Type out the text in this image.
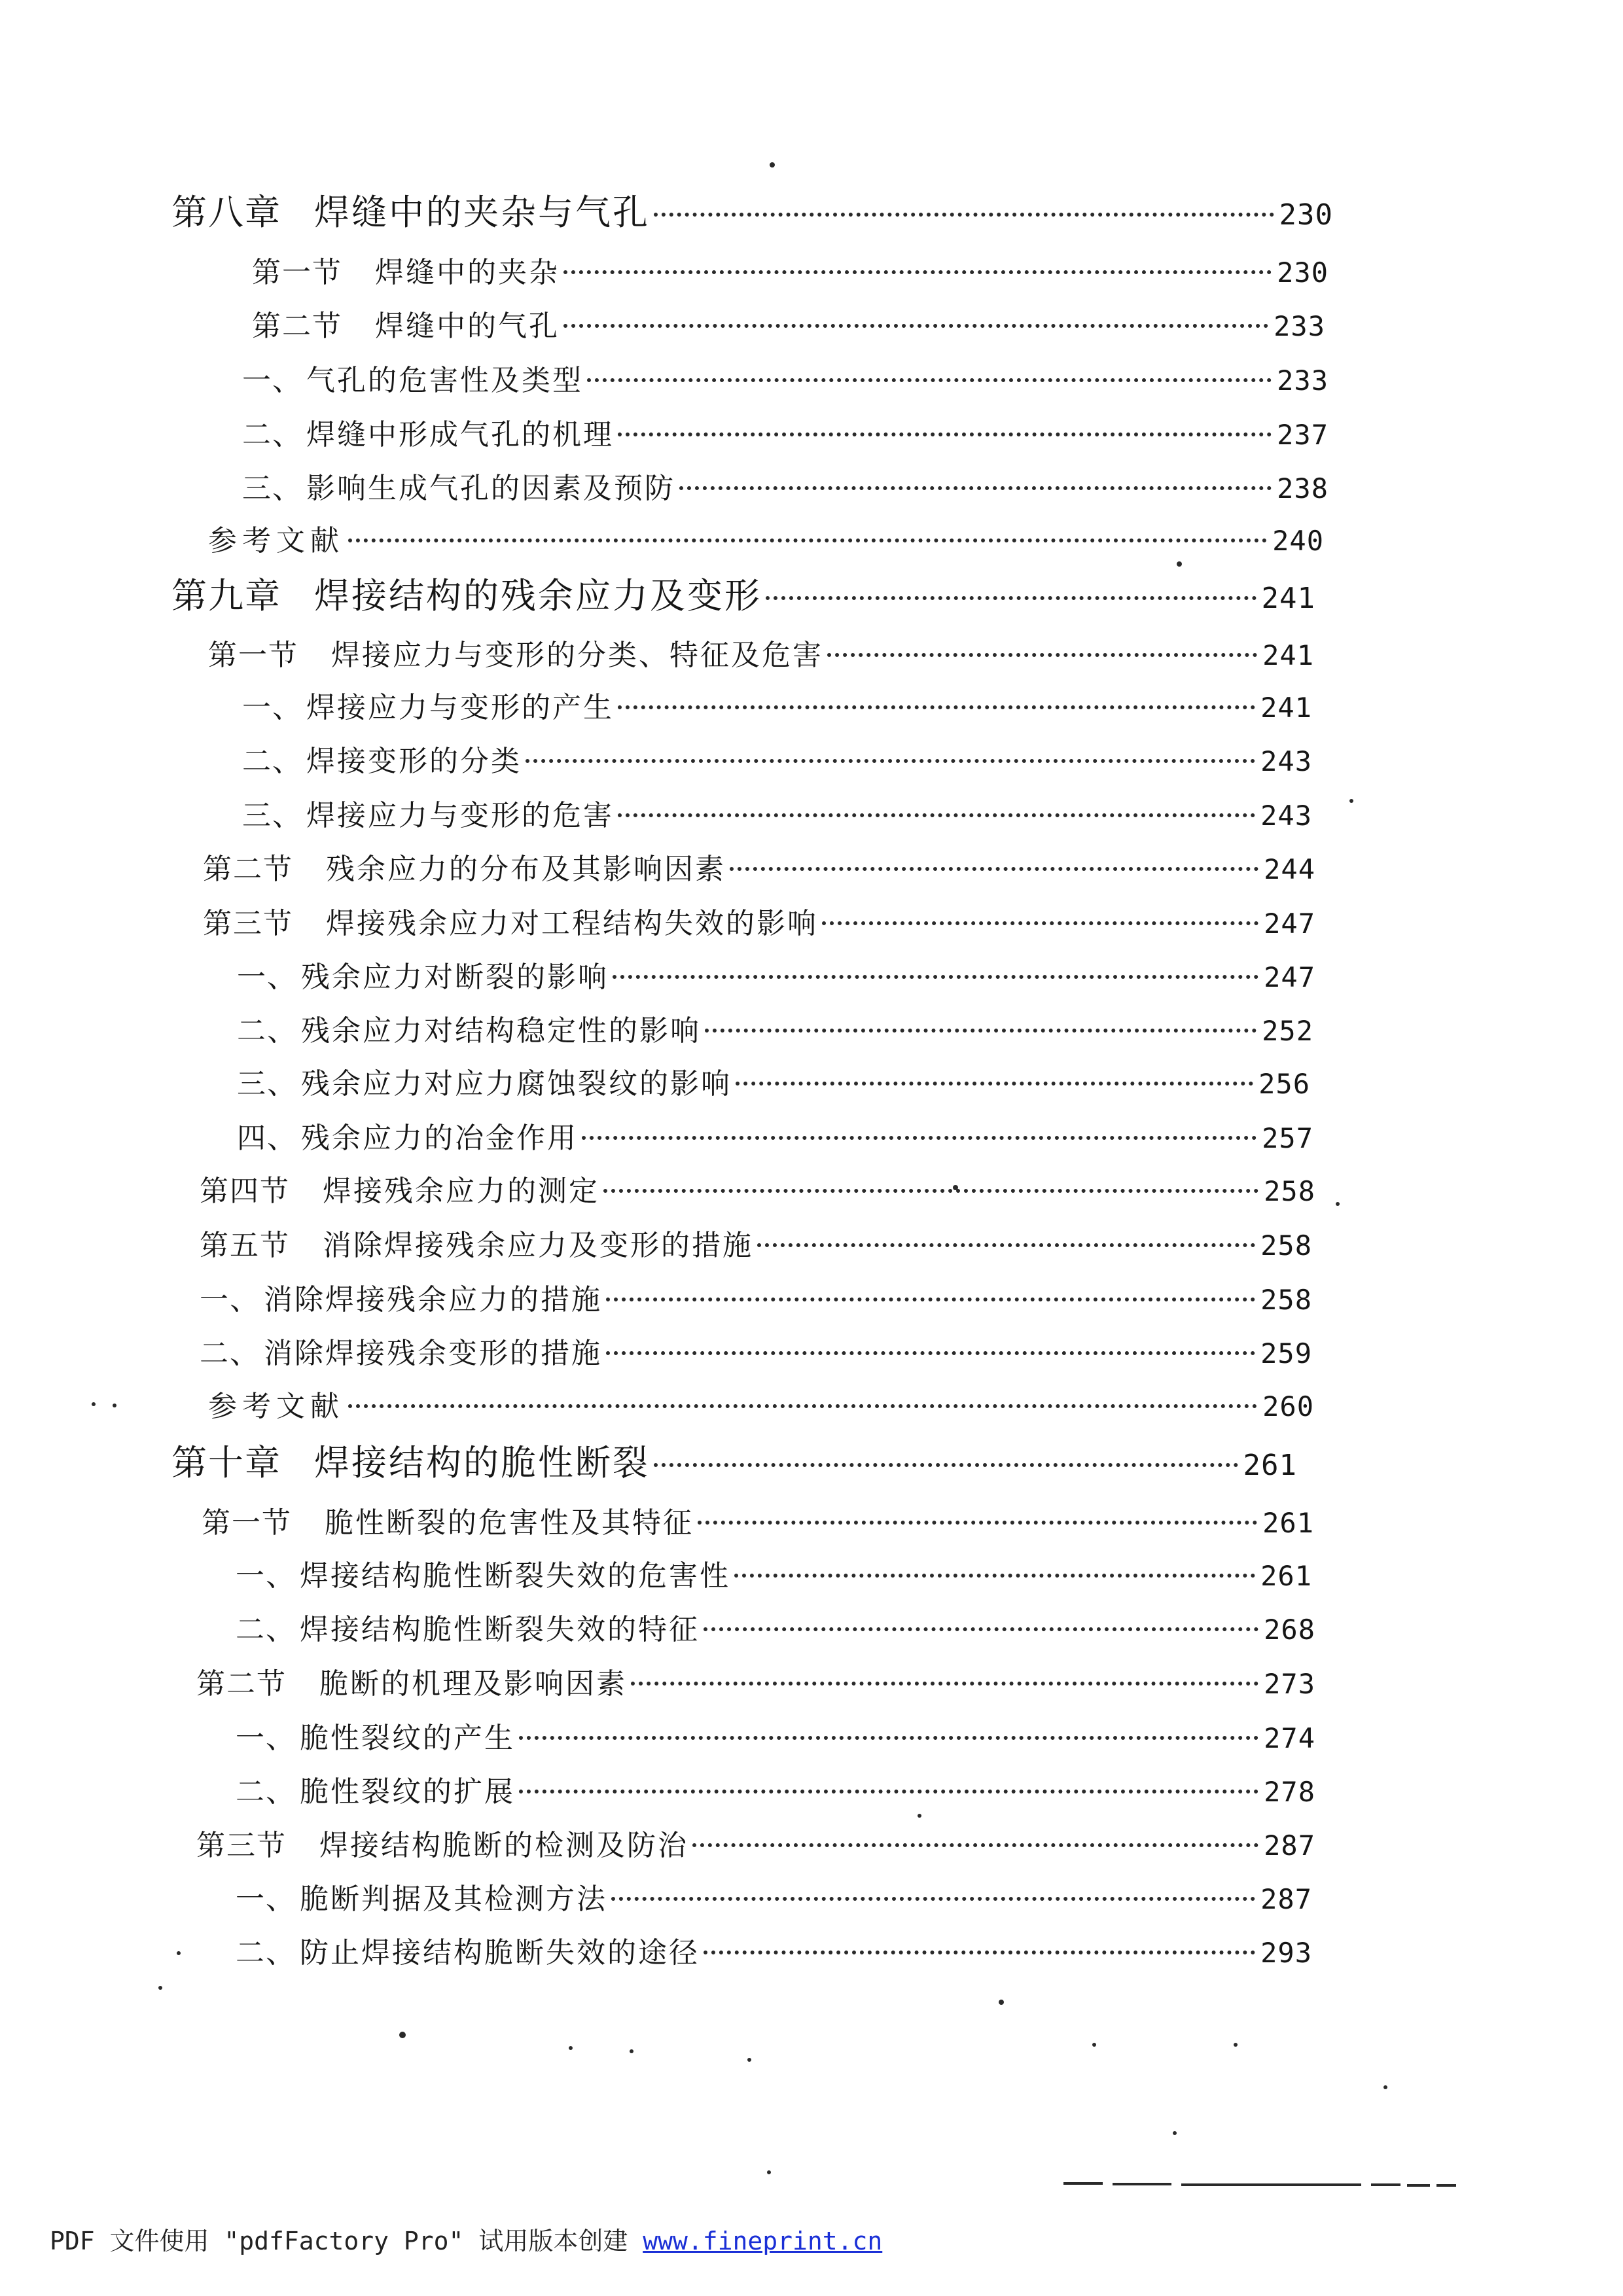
第八章 焊缝中的夹杂与气孔	230
第一节 焊缝中的夹杂	230
第二节 焊缝中的气孔	233
一、 气孔的危害性及类型	233
二、 焊缝中形成气孔的机理	237
三、 影响生成气孔的因素及预防	238
参考文献	240
第九章 焊接结构的残余应力及变形	241
第一节 焊接应力与变形的分类、特征及危害	241
一、 焊接应力与变形的产生	241
二、 焊接变形的分类	243
三、 焊接应力与变形的危害	243
第二节 残余应力的分布及其影响因素	244
第三节 焊接残余应力对工程结构失效的影响	247
一、 残余应力对断裂的影响	247
二、 残余应力对结构稳定性的影响	252
三、 残余应力对应力腐蚀裂纹的影响	256
四、 残余应力的冶金作用	257
第四节 焊接残余应力的测定	258
第五节 消除焊接残余应力及变形的措施	258
一、 消除焊接残余应力的措施	258
二、 消除焊接残余变形的措施	259
参考文献	260
第十章 焊接结构的脆性断裂	261
第一节 脆性断裂的危害性及其特征	261
一、 焊接结构脆性断裂失效的危害性	261
二、 焊接结构脆性断裂失效的特征	268
第二节 脆断的机理及影响因素	273
一、 脆性裂纹的产生	274
二、 脆性裂纹的扩展	278
第三节 焊接结构脆断的检测及防治	287
一、 脆断判据及其检测方法	287
二、 防止焊接结构脆断失效的途径	293
PDF 文件使用 "pdfFactory Pro" 试用版本创建 www.fineprint.cn
